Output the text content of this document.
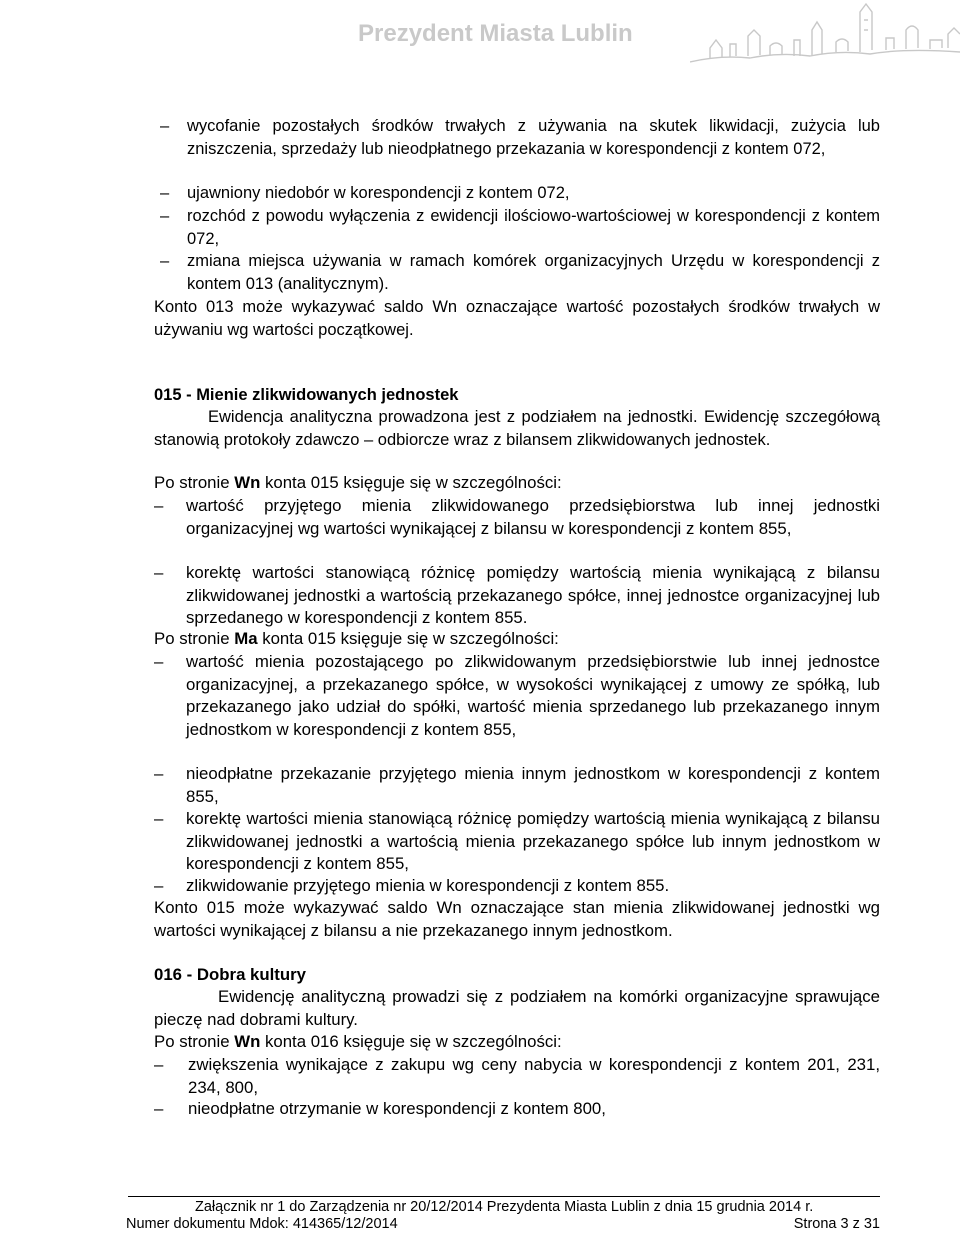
Prezydent Miasta Lublin
– wycofanie pozostałych środków trwałych z używania na skutek likwidacji, zużycia lub zniszczenia, sprzedaży lub nieodpłatnego przekazania w korespondencji z kontem 072,
– ujawniony niedobór w korespondencji z kontem 072,
– rozchód z powodu wyłączenia z ewidencji ilościowo-wartościowej w korespondencji z kontem 072,
– zmiana miejsca używania w ramach komórek organizacyjnych Urzędu w korespondencji z kontem 013 (analitycznym).
Konto 013 może wykazywać saldo Wn oznaczające wartość pozostałych środków trwałych w używaniu wg wartości początkowej.
015 - Mienie zlikwidowanych jednostek
Ewidencja analityczna prowadzona jest z podziałem na jednostki. Ewidencję szczegółową stanowią protokoły zdawczo – odbiorcze wraz z bilansem zlikwidowanych jednostek.
Po stronie Wn konta 015 księguje się w szczególności:
– wartość przyjętego mienia zlikwidowanego przedsiębiorstwa lub innej jednostki organizacyjnej wg wartości wynikającej z bilansu w korespondencji z kontem 855,
– korektę wartości stanowiącą różnicę pomiędzy wartością mienia wynikającą z bilansu zlikwidowanej jednostki a wartością przekazanego spółce, innej jednostce organizacyjnej lub sprzedanego w korespondencji z kontem 855.
Po stronie Ma konta 015 księguje się w szczególności:
– wartość mienia pozostającego po zlikwidowanym przedsiębiorstwie lub innej jednostce organizacyjnej, a przekazanego spółce, w wysokości wynikającej z umowy ze spółką, lub przekazanego jako udział do spółki, wartość mienia sprzedanego lub przekazanego innym jednostkom w korespondencji z kontem 855,
– nieodpłatne przekazanie przyjętego mienia innym jednostkom w korespondencji z kontem 855,
– korektę wartości mienia stanowiącą różnicę pomiędzy wartością mienia wynikającą z bilansu zlikwidowanej jednostki a wartością mienia przekazanego spółce lub innym jednostkom w korespondencji z kontem 855,
– zlikwidowanie przyjętego mienia w korespondencji z kontem 855.
Konto 015 może wykazywać saldo Wn oznaczające stan mienia zlikwidowanej jednostki wg wartości wynikającej z bilansu a nie przekazanego innym jednostkom.
016 - Dobra kultury
Ewidencję analityczną prowadzi się z podziałem na komórki organizacyjne sprawujące pieczę nad dobrami kultury.
Po stronie Wn konta 016 księguje się w szczególności:
– zwiększenia wynikające z zakupu wg ceny nabycia w korespondencji z kontem 201, 231, 234, 800,
– nieodpłatne otrzymanie w korespondencji z kontem 800,
Załącznik nr 1 do Zarządzenia nr 20/12/2014 Prezydenta Miasta Lublin z dnia 15 grudnia 2014 r.
Numer dokumentu Mdok: 414365/12/2014	Strona 3 z 31
